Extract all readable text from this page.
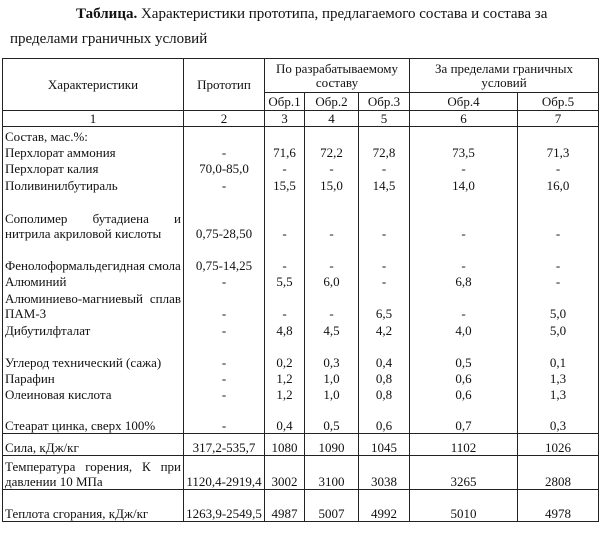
Таблица. Характеристики прототипа, предлагаемого состава и состава за пределами граничных условий
Характеристики	Прототип	По разрабатываемому составу			За пределами граничных условий	
		Обр.1	Обр.2	Обр.3	Обр.4	Обр.5
1	2	3	4	5	6	7
Состав, мас.%:						
Перхлорат аммония	-	71,6	72,2	72,8	73,5	71,3
Перхлорат калия	70,0-85,0	-	-	-	-	-
Поливинилбутираль	-	15,5	15,0	14,5	14,0	16,0
Сополимер бутадиена и нитрила акриловой кислоты	0,75-28,50	-	-	-	-	-
Фенолоформальдегидная смола	0,75-14,25	-	-	-	-	-
Алюминий	-	5,5	6,0	-	6,8	-
Алюминиево-магниевый сплав ПАМ-3	-	-	-	6,5	-	5,0
Дибутилфталат	-	4,8	4,5	4,2	4,0	5,0
Углерод технический (сажа)	-	0,2	0,3	0,4	0,5	0,1
Парафин	-	1,2	1,0	0,8	0,6	1,3
Олеиновая кислота	-	1,2	1,0	0,8	0,6	1,3
Стеарат цинка, сверх 100%	-	0,4	0,5	0,6	0,7	0,3
Сила, кДж/кг	317,2-535,7	1080	1090	1045	1102	1026
Температура горения, К при давлении 10 МПа	1120,4-2919,4	3002	3100	3038	3265	2808
Теплота сгорания, кДж/кг	1263,9-2549,5	4987	5007	4992	5010	4978
